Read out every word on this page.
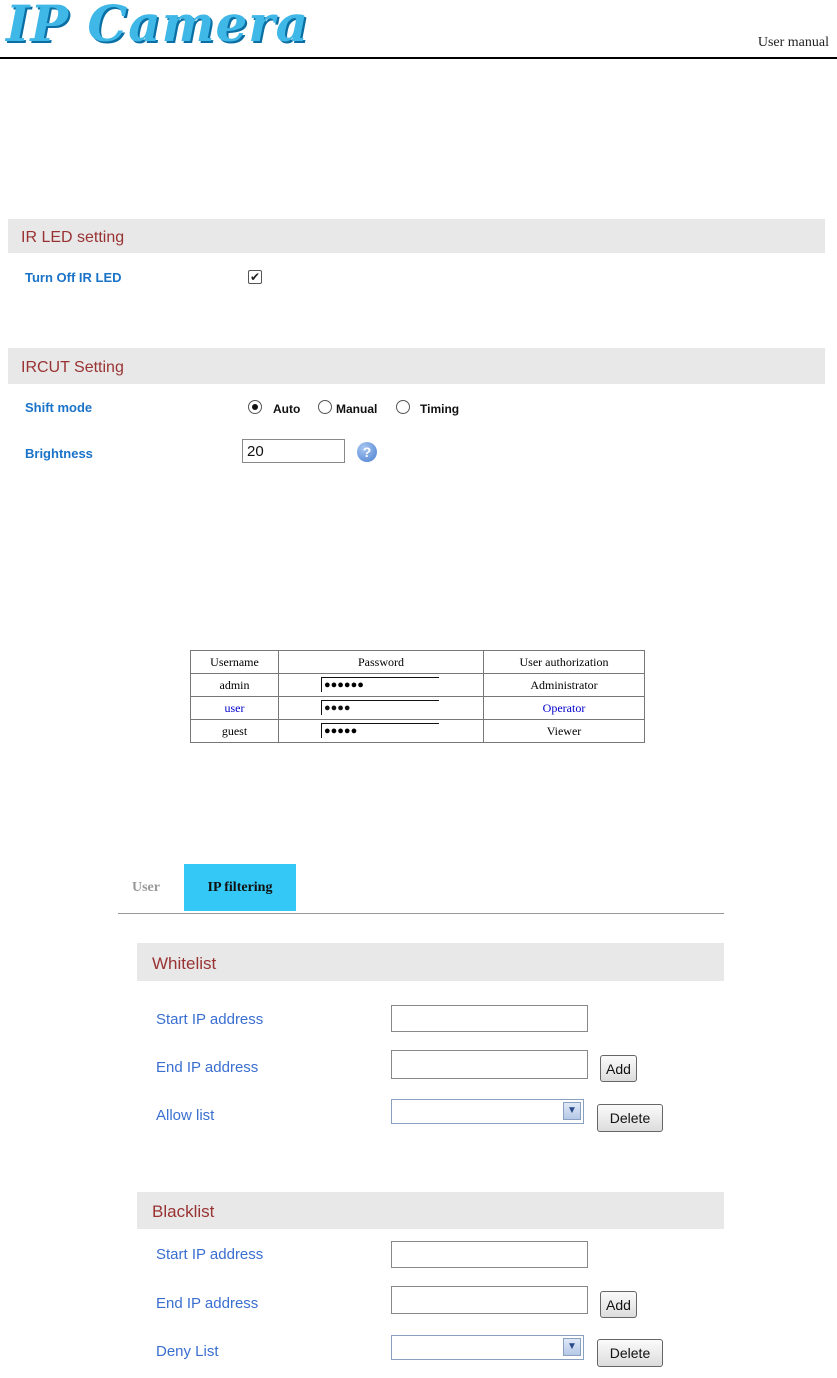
IP Camera	User manual
IR LED setting
Turn Off IR LED	✔
IRCUT Setting
Shift mode	Auto	Manual	Timing
Brightness
20	?
Username	Password	User authorization
admin	●●●●●●	Administrator
user	●●●●	Operator
guest	●●●●●	Viewer
User	IP filtering
Whitelist
Start IP address
End IP address	Add
Allow list	▼	Delete
Blacklist
Start IP address
End IP address	Add
Deny List	▼	Delete
